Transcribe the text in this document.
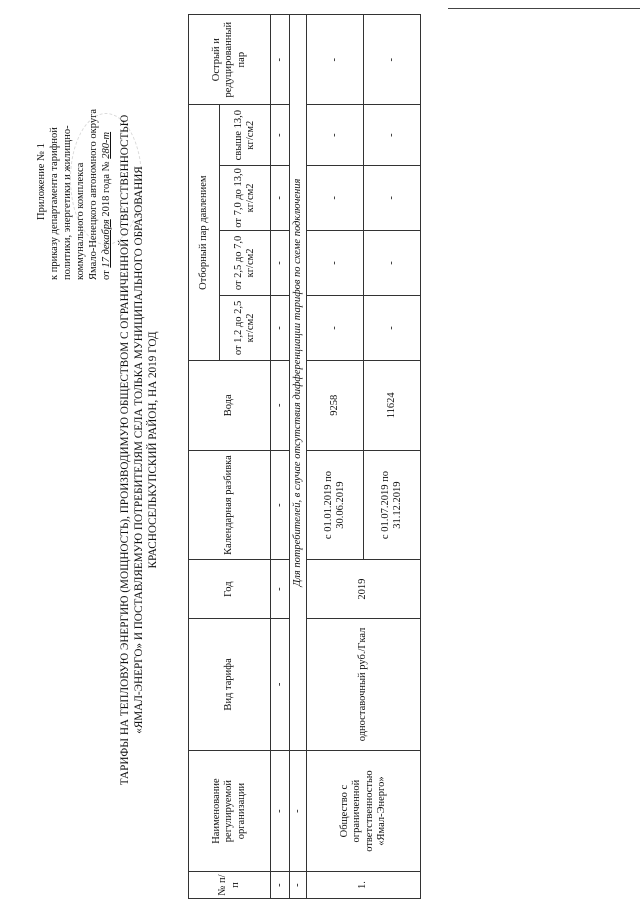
Приложение № 1 к приказу департамента тарифной политики, энергетики и жилищно- коммунального комплекса Ямало-Ненецкого автономного округа от 17 декабря 2018 года № 280-т ТАРИФЫ НА ТЕПЛОВУЮ ЭНЕРГИЮ (МОЩНОСТЬ), ПРОИЗВОДИМУЮ ОБЩЕСТВОМ С ОГРАНИЧЕННОЙ ОТВЕТСТВЕННОСТЬЮ «ЯМАЛ-ЭНЕРГО» И ПОСТАВЛЯЕМУЮ ПОТРЕБИТЕЛЯМ СЕЛА ТОЛЬКА МУНИЦИПАЛЬНОГО ОБРАЗОВАНИЯ КРАСНОСЕЛЬКУПСКИЙ РАЙОН, НА 2019 ГОД
№ п/п	Наименование регулируемой организации	Вид тарифа	Год	Календарная разбивка	Вода	Отборный пар давлением				Острый и редуцированный пар
						от 1,2 до 2,5 кг/см2	от 2,5 до 7,0 кг/см2	от 7,0 до 13,0 кг/см2	свыше 13,0 кг/см2	
-	-	-	-	-	-	-	-	-	-	-
-	-	Для потребителей, в случае отсутствия дифференциации тарифов по схеме подключения								
1.	Общество с ограниченной ответственностью «Ямал-Энерго»	одноставочный руб./Гкал	2019	с 01.01.2019 по 30.06.2019	9258	-	-	-	-	-
				с 01.07.2019 по 31.12.2019	11624	-	-	-	-	-
